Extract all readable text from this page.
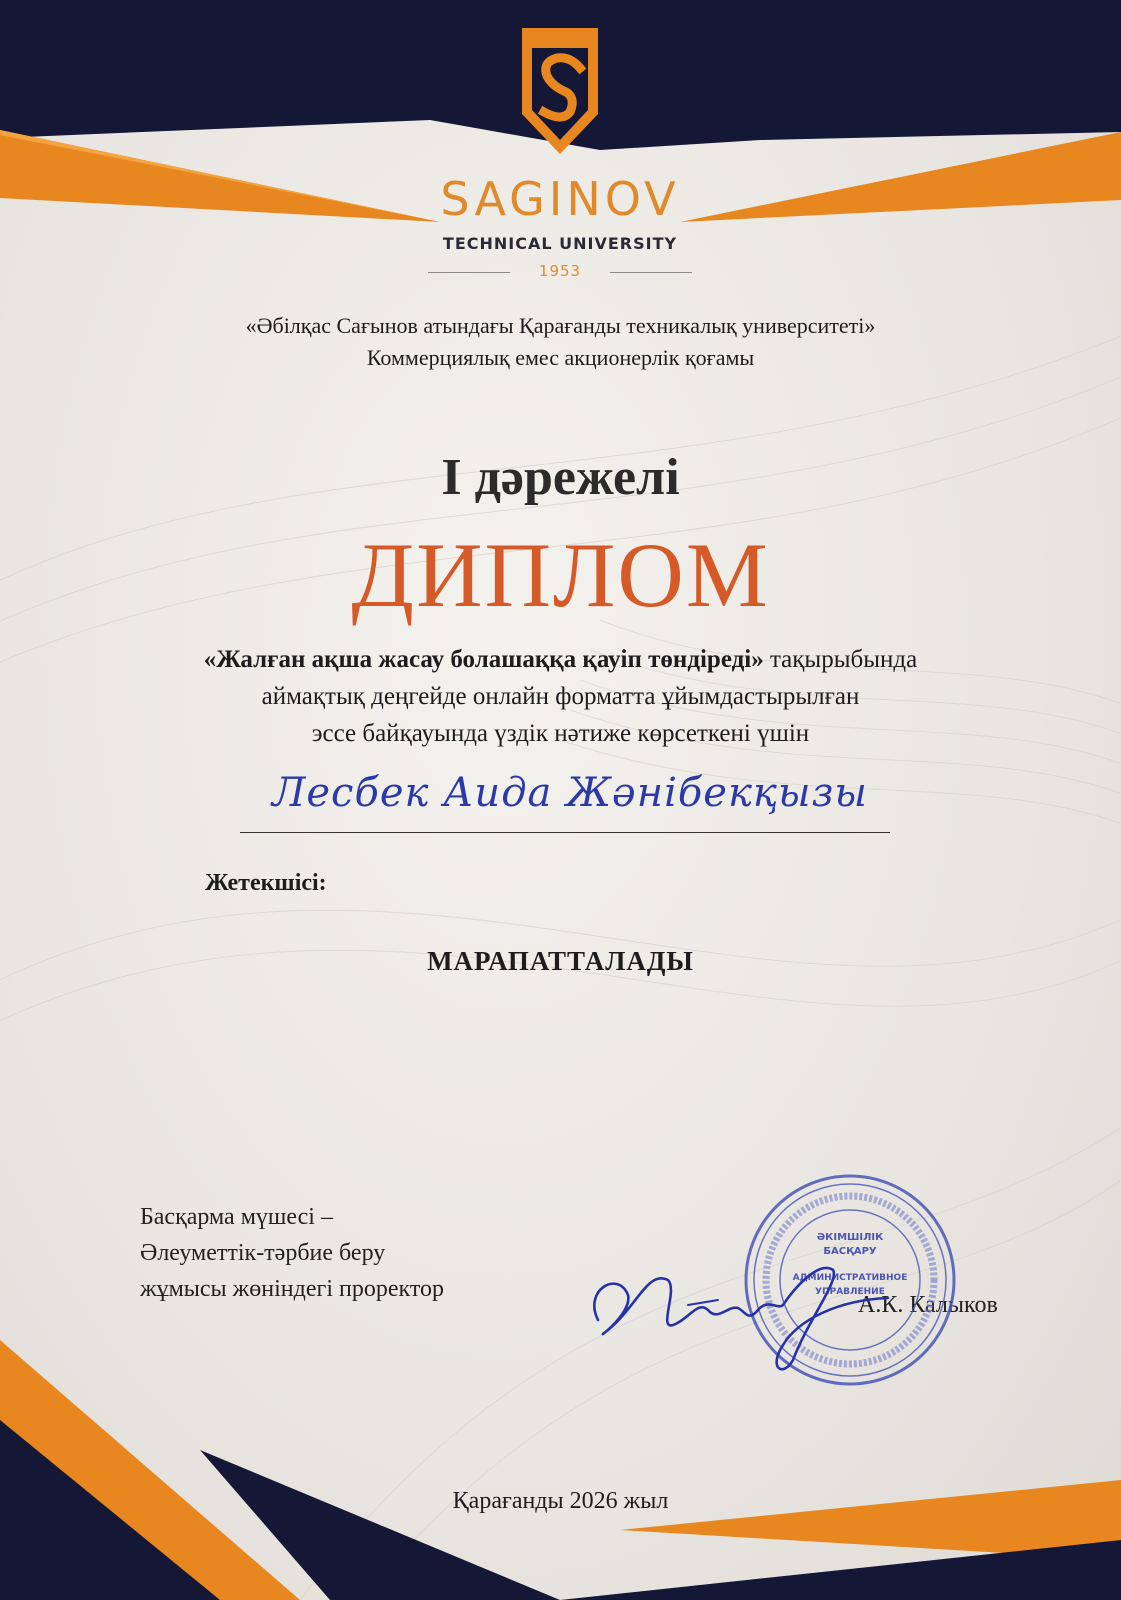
SAGINOV
TECHNICAL UNIVERSITY
1953
«Әбілқас Сағынов атындағы Қарағанды техникалық университеті»
Коммерциялық емес акционерлік қоғамы
І дәрежелі
ДИПЛОМ
«Жалған ақша жасау болашаққа қауіп төндіреді» тақырыбында
аймақтық деңгейде онлайн форматта ұйымдастырылған
эссе байқауында үздік нәтиже көрсеткені үшін
Лесбек Аида Жәнібекқызы
Жетекшісі:
МАРАПАТТАЛАДЫ
Басқарма мүшесі –
Әлеуметтік-тәрбие беру
жұмысы жөніндегі проректор
А.К. Калыков
ӘКІМШІЛІК
БАСҚАРУ
АДМИНИСТРАТИВНОЕ
УПРАВЛЕНИЕ
Қарағанды 2026 жыл
